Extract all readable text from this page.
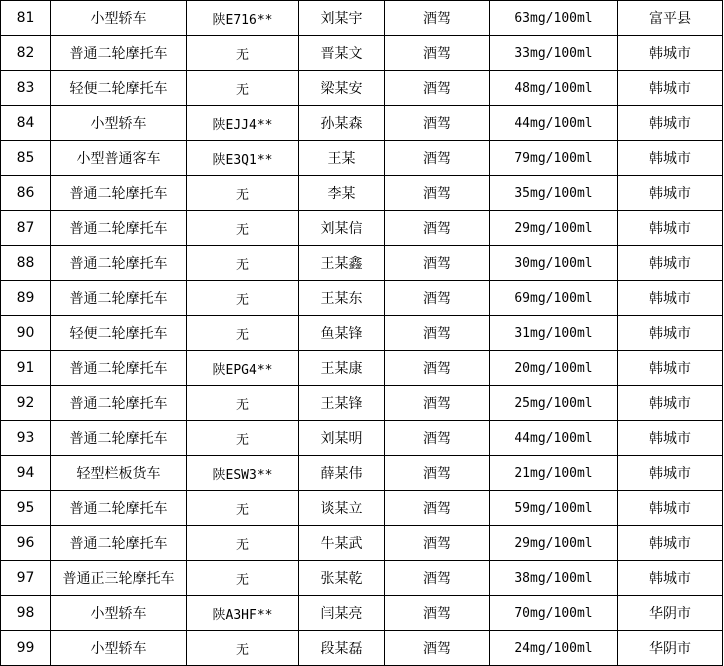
81	小型轿车	陕E716**	刘某宇	酒驾	63mg/100ml	富平县
82	普通二轮摩托车	无	晋某文	酒驾	33mg/100ml	韩城市
83	轻便二轮摩托车	无	梁某安	酒驾	48mg/100ml	韩城市
84	小型轿车	陕EJJ4**	孙某森	酒驾	44mg/100ml	韩城市
85	小型普通客车	陕E3Q1**	王某	酒驾	79mg/100ml	韩城市
86	普通二轮摩托车	无	李某	酒驾	35mg/100ml	韩城市
87	普通二轮摩托车	无	刘某信	酒驾	29mg/100ml	韩城市
88	普通二轮摩托车	无	王某鑫	酒驾	30mg/100ml	韩城市
89	普通二轮摩托车	无	王某东	酒驾	69mg/100ml	韩城市
90	轻便二轮摩托车	无	鱼某锋	酒驾	31mg/100ml	韩城市
91	普通二轮摩托车	陕EPG4**	王某康	酒驾	20mg/100ml	韩城市
92	普通二轮摩托车	无	王某锋	酒驾	25mg/100ml	韩城市
93	普通二轮摩托车	无	刘某明	酒驾	44mg/100ml	韩城市
94	轻型栏板货车	陕ESW3**	薛某伟	酒驾	21mg/100ml	韩城市
95	普通二轮摩托车	无	谈某立	酒驾	59mg/100ml	韩城市
96	普通二轮摩托车	无	牛某武	酒驾	29mg/100ml	韩城市
97	普通正三轮摩托车	无	张某乾	酒驾	38mg/100ml	韩城市
98	小型轿车	陕A3HF**	闫某亮	酒驾	70mg/100ml	华阴市
99	小型轿车	无	段某磊	酒驾	24mg/100ml	华阴市
